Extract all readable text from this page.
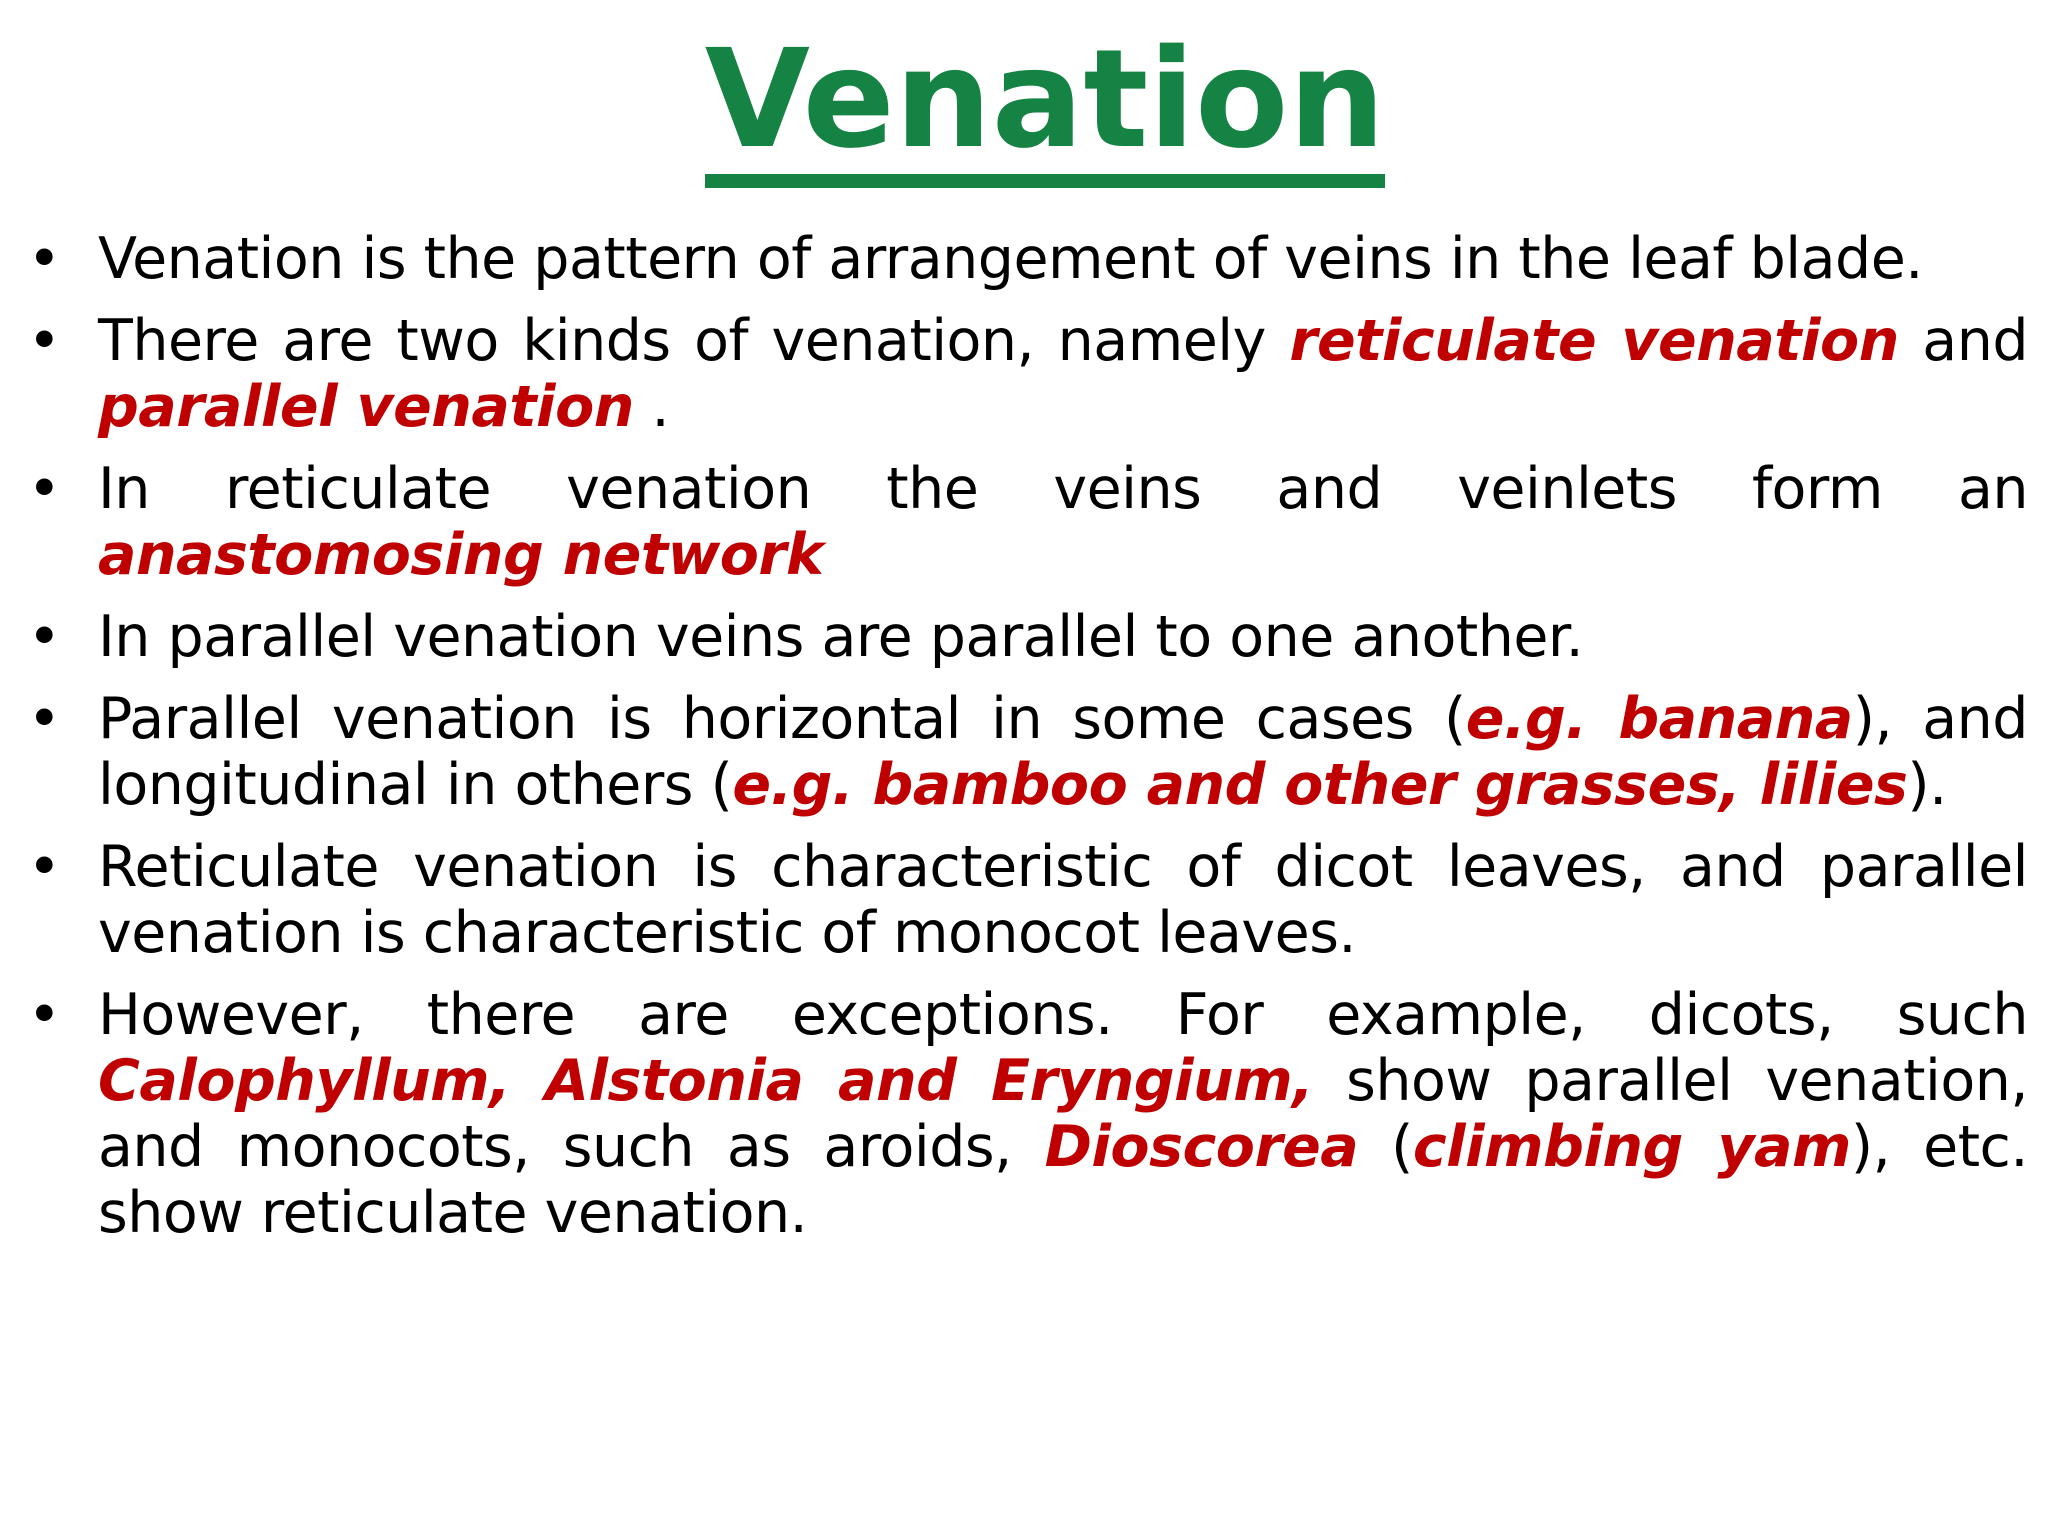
Venation
• Venation is the pattern of arrangement of veins in the leaf blade.
• There are two kinds of venation, namely reticulate venation and parallel venation .
• In reticulate venation the veins and veinlets form an anastomosing network
• In parallel venation veins are parallel to one another.
• Parallel venation is horizontal in some cases (e.g. banana), and longitudinal in others (e.g. bamboo and other grasses, lilies).
• Reticulate venation is characteristic of dicot leaves, and parallel venation is characteristic of monocot leaves.
• However, there are exceptions. For example, dicots, such Calophyllum, Alstonia and Eryngium, show parallel venation, and monocots, such as aroids, Dioscorea (climbing yam), etc. show reticulate venation.
